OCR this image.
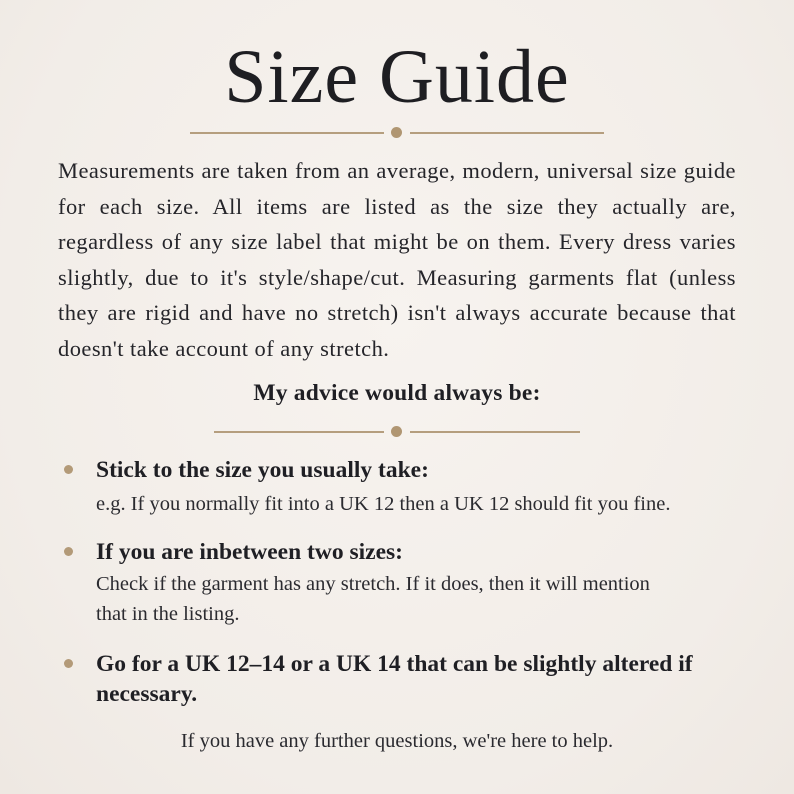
Size Guide
Measurements are taken from an average, modern, universal size guide for each size. All items are listed as the size they actually are, regardless of any size label that might be on them. Every dress varies slightly, due to it's style/shape/cut. Measuring garments flat (unless they are rigid and have no stretch) isn't always accurate because that doesn't take account of any stretch.
My advice would always be:
Stick to the size you usually take:
e.g. If you normally fit into a UK 12 then a UK 12 should fit you fine.
If you are inbetween two sizes:
Check if the garment has any stretch. If it does, then it will mention that in the listing.
Go for a UK 12–14 or a UK 14 that can be slightly altered if necessary.
If you have any further questions, we're here to help.
